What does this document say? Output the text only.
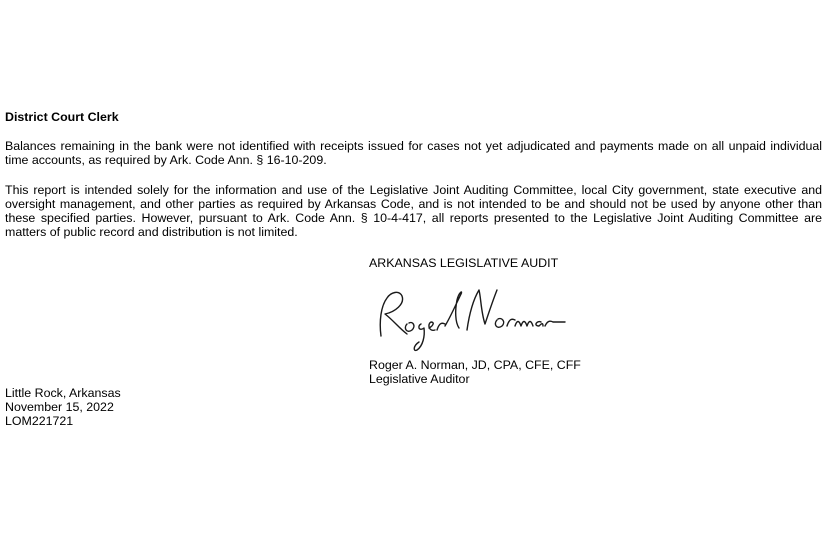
District Court Clerk
Balances remaining in the bank were not identified with receipts issued for cases not yet adjudicated and payments made on all unpaid individual time accounts, as required by Ark. Code Ann. § 16-10-209.
This report is intended solely for the information and use of the Legislative Joint Auditing Committee, local City government, state executive and oversight management, and other parties as required by Arkansas Code, and is not intended to be and should not be used by anyone other than these specified parties. However, pursuant to Ark. Code Ann. § 10-4-417, all reports presented to the Legislative Joint Auditing Committee are matters of public record and distribution is not limited.
ARKANSAS LEGISLATIVE AUDIT
Roger A. Norman, JD, CPA, CFE, CFF
Legislative Auditor
Little Rock, Arkansas
November 15, 2022
LOM221721
